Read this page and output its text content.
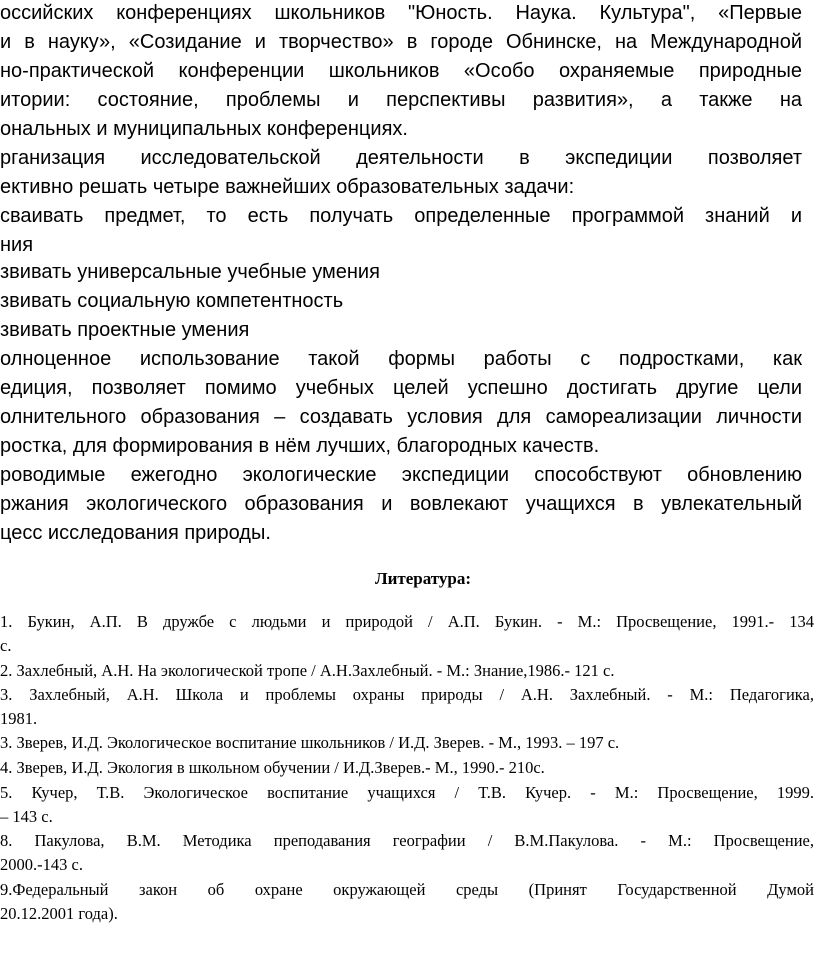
оссийских конференциях школьников "Юность. Наука. Культура", «Первые
и в науку», «Созидание и творчество» в городе Обнинске, на Международной
но-практической конференции школьников «Особо охраняемые природные
итории: состояние, проблемы и перспективы развития», а также на
ональных и муниципальных конференциях.
рганизация исследовательской деятельности в экспедиции позволяет
ективно решать четыре важнейших образовательных задачи:
сваивать предмет, то есть получать определенные программой знаний и
ния
звивать универсальные учебные умения
звивать социальную компетентность
звивать проектные умения
олноценное использование такой формы работы с подростками, как
едиция, позволяет помимо учебных целей успешно достигать другие цели
олнительного образования – создавать условия для самореализации личности
ростка, для формирования в нём лучших, благородных качеств.
роводимые ежегодно экологические экспедиции способствуют обновлению
ржания экологического образования и вовлекают учащихся в увлекательный
цесс исследования природы.
Литература:
1. Букин, А.П. В дружбе с людьми и природой / А.П. Букин. - М.: Просвещение, 1991.- 134
с.
2. Захлебный, А.Н. На экологической тропе / А.Н.Захлебный. - М.: Знание,1986.- 121 с.
3. Захлебный, А.Н. Школа и проблемы охраны природы / А.Н. Захлебный. - М.: Педагогика,
1981.
3. Зверев, И.Д. Экологическое воспитание школьников / И.Д. Зверев. - М., 1993. – 197 с.
4. Зверев, И.Д. Экология в школьном обучении / И.Д.Зверев.- М., 1990.- 210с.
5. Кучер, Т.В. Экологическое воспитание учащихся / Т.В. Кучер. - М.: Просвещение, 1999.
– 143 с.
8. Пакулова, В.М. Методика преподавания географии / В.М.Пакулова. - М.: Просвещение,
2000.-143 с.
9.Федеральный закон об охране окружающей среды (Принят Государственной Думой
20.12.2001 года).
